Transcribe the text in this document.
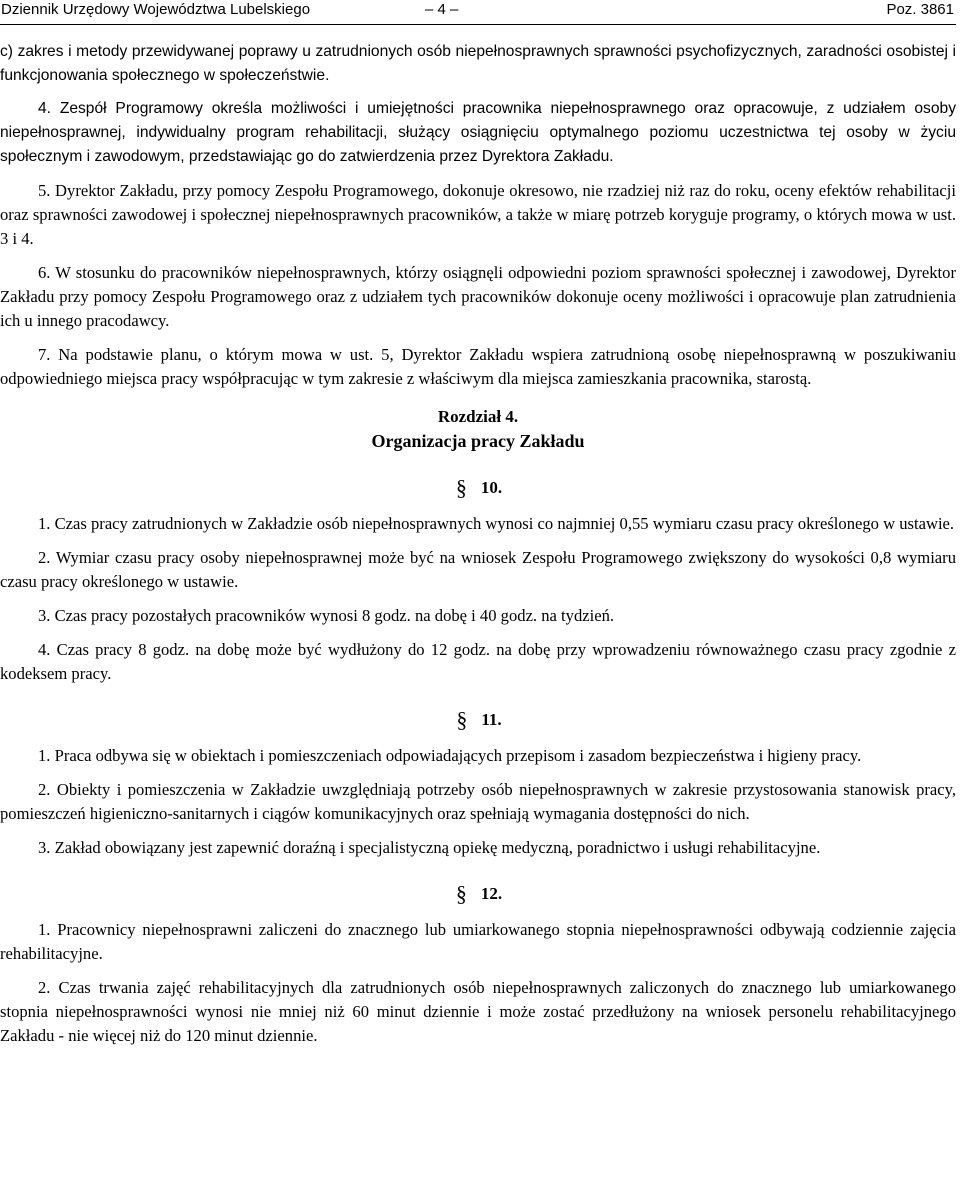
Dziennik Urzędowy Województwa Lubelskiego	– 4 –	Poz. 3861

c) zakres i metody przewidywanej poprawy u zatrudnionych osób niepełnosprawnych sprawności psychofizycznych, zaradności osobistej i funkcjonowania społecznego w społeczeństwie.

4. Zespół Programowy określa możliwości i umiejętności pracownika niepełnosprawnego oraz opracowuje, z udziałem osoby niepełnosprawnej, indywidualny program rehabilitacji, służący osiągnięciu optymalnego poziomu uczestnictwa tej osoby w życiu społecznym i zawodowym, przedstawiając go do zatwierdzenia przez Dyrektora Zakładu.

5. Dyrektor Zakładu, przy pomocy Zespołu Programowego, dokonuje okresowo, nie rzadziej niż raz do roku, oceny efektów rehabilitacji oraz sprawności zawodowej i społecznej niepełnosprawnych pracowników, a także w miarę potrzeb koryguje programy, o których mowa w ust. 3 i 4.

6. W stosunku do pracowników niepełnosprawnych, którzy osiągnęli odpowiedni poziom sprawności społecznej i zawodowej, Dyrektor Zakładu przy pomocy Zespołu Programowego oraz z udziałem tych pracowników dokonuje oceny możliwości i opracowuje plan zatrudnienia ich u innego pracodawcy.

7. Na podstawie planu, o którym mowa w ust. 5, Dyrektor Zakładu wspiera zatrudnioną osobę niepełnosprawną w poszukiwaniu odpowiedniego miejsca pracy współpracując w tym zakresie z właściwym dla miejsca zamieszkania pracownika, starostą.

Rozdział 4.
Organizacja pracy Zakładu
§ 10.

1. Czas pracy zatrudnionych w Zakładzie osób niepełnosprawnych wynosi co najmniej 0,55 wymiaru czasu pracy określonego w ustawie.

2. Wymiar czasu pracy osoby niepełnosprawnej może być na wniosek Zespołu Programowego zwiększony do wysokości 0,8 wymiaru czasu pracy określonego w ustawie.

3. Czas pracy pozostałych pracowników wynosi 8 godz. na dobę i 40 godz. na tydzień.

4. Czas pracy 8 godz. na dobę może być wydłużony do 12 godz. na dobę przy wprowadzeniu równoważnego czasu pracy zgodnie z kodeksem pracy.

§ 11.

1. Praca odbywa się w obiektach i pomieszczeniach odpowiadających przepisom i zasadom bezpieczeństwa i higieny pracy.

2. Obiekty i pomieszczenia w Zakładzie uwzględniają potrzeby osób niepełnosprawnych w zakresie przystosowania stanowisk pracy, pomieszczeń higieniczno-sanitarnych i ciągów komunikacyjnych oraz spełniają wymagania dostępności do nich.

3. Zakład obowiązany jest zapewnić doraźną i specjalistyczną opiekę medyczną, poradnictwo i usługi rehabilitacyjne.

§ 12.

1. Pracownicy niepełnosprawni zaliczeni do znacznego lub umiarkowanego stopnia niepełnosprawności odbywają codziennie zajęcia rehabilitacyjne.

2. Czas trwania zajęć rehabilitacyjnych dla zatrudnionych osób niepełnosprawnych zaliczonych do znacznego lub umiarkowanego stopnia niepełnosprawności wynosi nie mniej niż 60 minut dziennie i może zostać przedłużony na wniosek personelu rehabilitacyjnego Zakładu - nie więcej niż do 120 minut dziennie.
